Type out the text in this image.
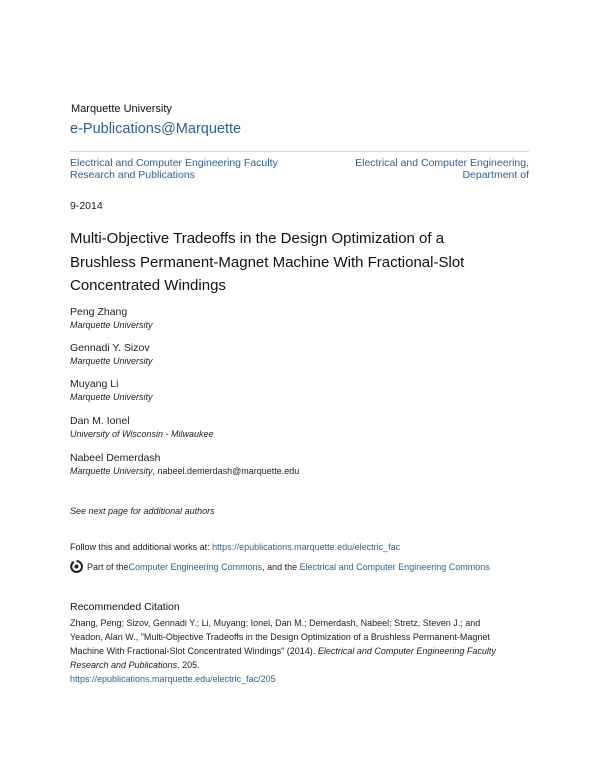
Marquette University
e-Publications@Marquette
Electrical and Computer Engineering Faculty
Research and Publications
Electrical and Computer Engineering,
Department of
9-2014
Multi-Objective Tradeoffs in the Design Optimization of a
Brushless Permanent-Magnet Machine With Fractional-Slot
Concentrated Windings
Peng Zhang
Marquette University
Gennadi Y. Sizov
Marquette University
Muyang Li
Marquette University
Dan M. Ionel
University of Wisconsin - Milwaukee
Nabeel Demerdash
Marquette University, nabeel.demerdash@marquette.edu
See next page for additional authors
Follow this and additional works at: https://epublications.marquette.edu/electric_fac
Part of the Computer Engineering Commons , and the Electrical and Computer Engineering Commons
Recommended Citation
Zhang, Peng; Sizov, Gennadi Y.; Li, Muyang; Ionel, Dan M.; Demerdash, Nabeel; Stretz, Steven J.; and
Yeadon, Alan W., "Multi-Objective Tradeoffs in the Design Optimization of a Brushless Permanent-Magnet
Machine With Fractional-Slot Concentrated Windings" (2014). Electrical and Computer Engineering Faculty Research and Publications. 205.
https://epublications.marquette.edu/electric_fac/205
